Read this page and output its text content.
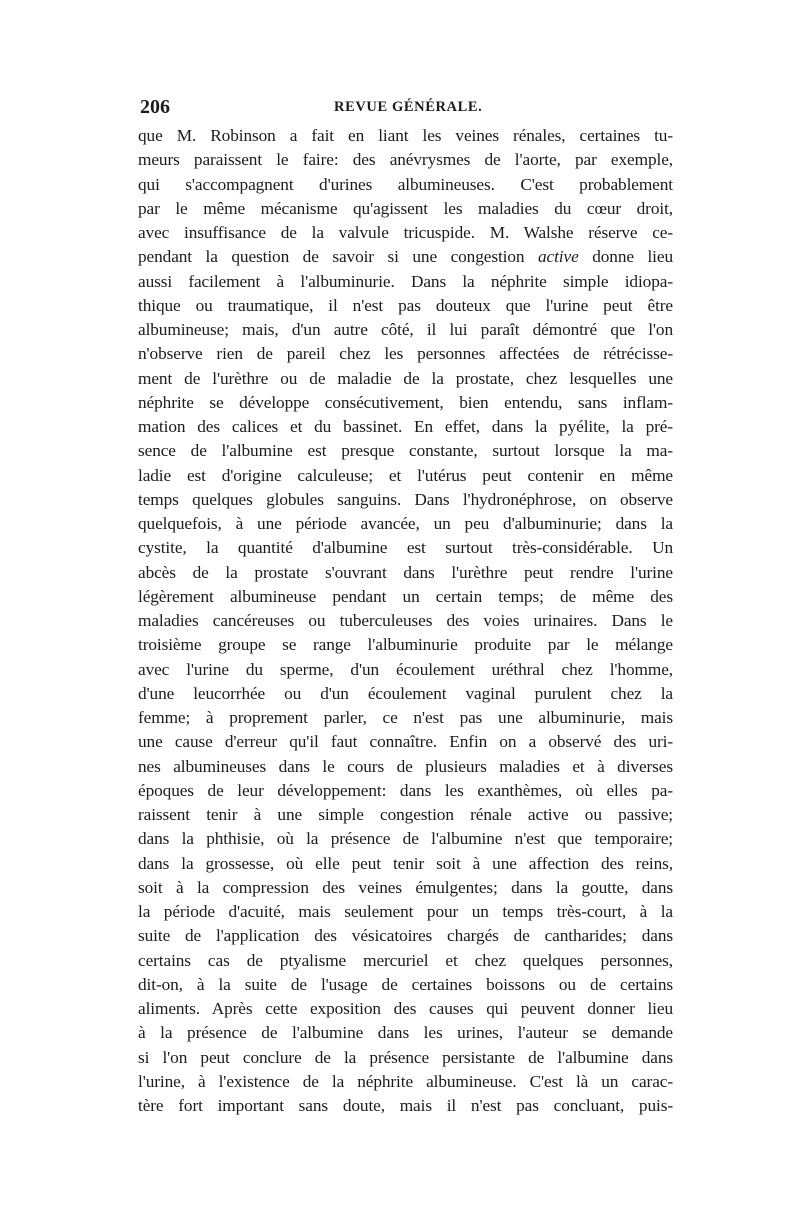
206	REVUE GÉNÉRALE.
que M. Robinson a fait en liant les veines rénales, certaines tu-
meurs paraissent le faire: des anévrysmes de l'aorte, par exemple,
qui s'accompagnent d'urines albumineuses. C'est probablement
par le même mécanisme qu'agissent les maladies du cœur droit,
avec insuffisance de la valvule tricuspide. M. Walshe réserve ce-
pendant la question de savoir si une congestion active donne lieu
aussi facilement à l'albuminurie. Dans la néphrite simple idiopa-
thique ou traumatique, il n'est pas douteux que l'urine peut être
albumineuse; mais, d'un autre côté, il lui paraît démontré que l'on
n'observe rien de pareil chez les personnes affectées de rétrécisse-
ment de l'urèthre ou de maladie de la prostate, chez lesquelles une
néphrite se développe consécutivement, bien entendu, sans inflam-
mation des calices et du bassinet. En effet, dans la pyélite, la pré-
sence de l'albumine est presque constante, surtout lorsque la ma-
ladie est d'origine calculeuse; et l'utérus peut contenir en même
temps quelques globules sanguins. Dans l'hydronéphrose, on observe
quelquefois, à une période avancée, un peu d'albuminurie; dans la
cystite, la quantité d'albumine est surtout très-considérable. Un
abcès de la prostate s'ouvrant dans l'urèthre peut rendre l'urine
légèrement albumineuse pendant un certain temps; de même des
maladies cancéreuses ou tuberculeuses des voies urinaires. Dans le
troisième groupe se range l'albuminurie produite par le mélange
avec l'urine du sperme, d'un écoulement uréthral chez l'homme,
d'une leucorrhée ou d'un écoulement vaginal purulent chez la
femme; à proprement parler, ce n'est pas une albuminurie, mais
une cause d'erreur qu'il faut connaître. Enfin on a observé des uri-
nes albumineuses dans le cours de plusieurs maladies et à diverses
époques de leur développement: dans les exanthèmes, où elles pa-
raissent tenir à une simple congestion rénale active ou passive;
dans la phthisie, où la présence de l'albumine n'est que temporaire;
dans la grossesse, où elle peut tenir soit à une affection des reins,
soit à la compression des veines émulgentes; dans la goutte, dans
la période d'acuité, mais seulement pour un temps très-court, à la
suite de l'application des vésicatoires chargés de cantharides; dans
certains cas de ptyalisme mercuriel et chez quelques personnes,
dit-on, à la suite de l'usage de certaines boissons ou de certains
aliments. Après cette exposition des causes qui peuvent donner lieu
à la présence de l'albumine dans les urines, l'auteur se demande
si l'on peut conclure de la présence persistante de l'albumine dans
l'urine, à l'existence de la néphrite albumineuse. C'est là un carac-
tère fort important sans doute, mais il n'est pas concluant, puis-
